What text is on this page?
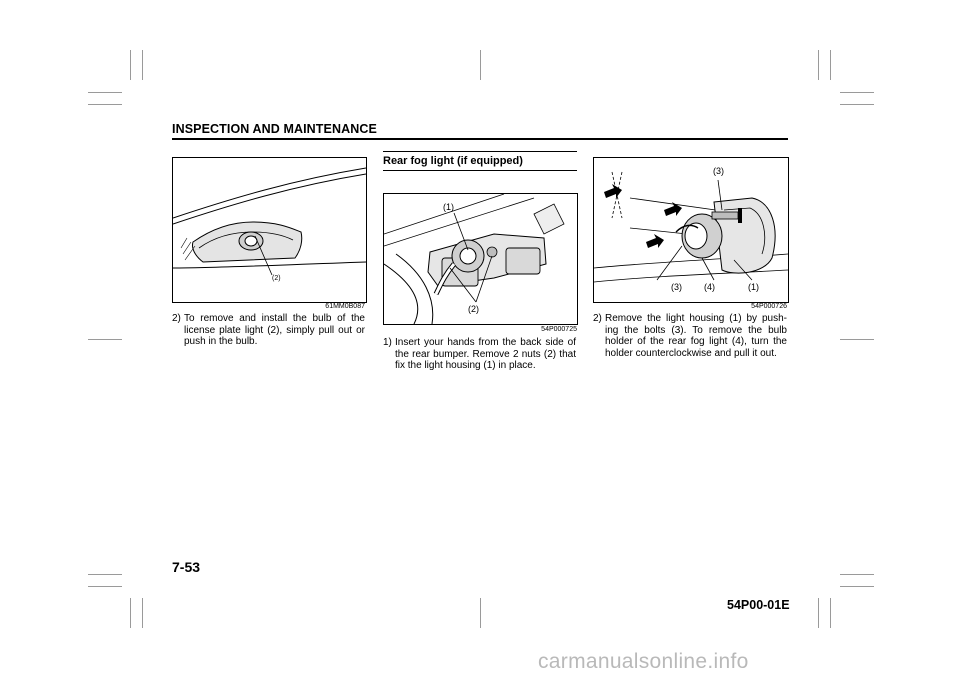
INSPECTION AND MAINTENANCE
(2)
61MM0B087
Rear fog light (if equipped)
(1)
(2)
54P000725
(3)
(3) (4)	(1)
54P000726
2) To remove and install the bulb of the license plate light (2), simply pull out or push in the bulb.	1) Insert your hands from the back side of the rear bumper. Remove 2 nuts (2) that fix the light housing (1) in place.
2) Remove the light housing (1) by push-ing the bolts (3). To remove the bulb holder of the rear fog light (4), turn the holder counterclockwise and pull it out.
7-53
54P00-01E
carmanualsonline.info
